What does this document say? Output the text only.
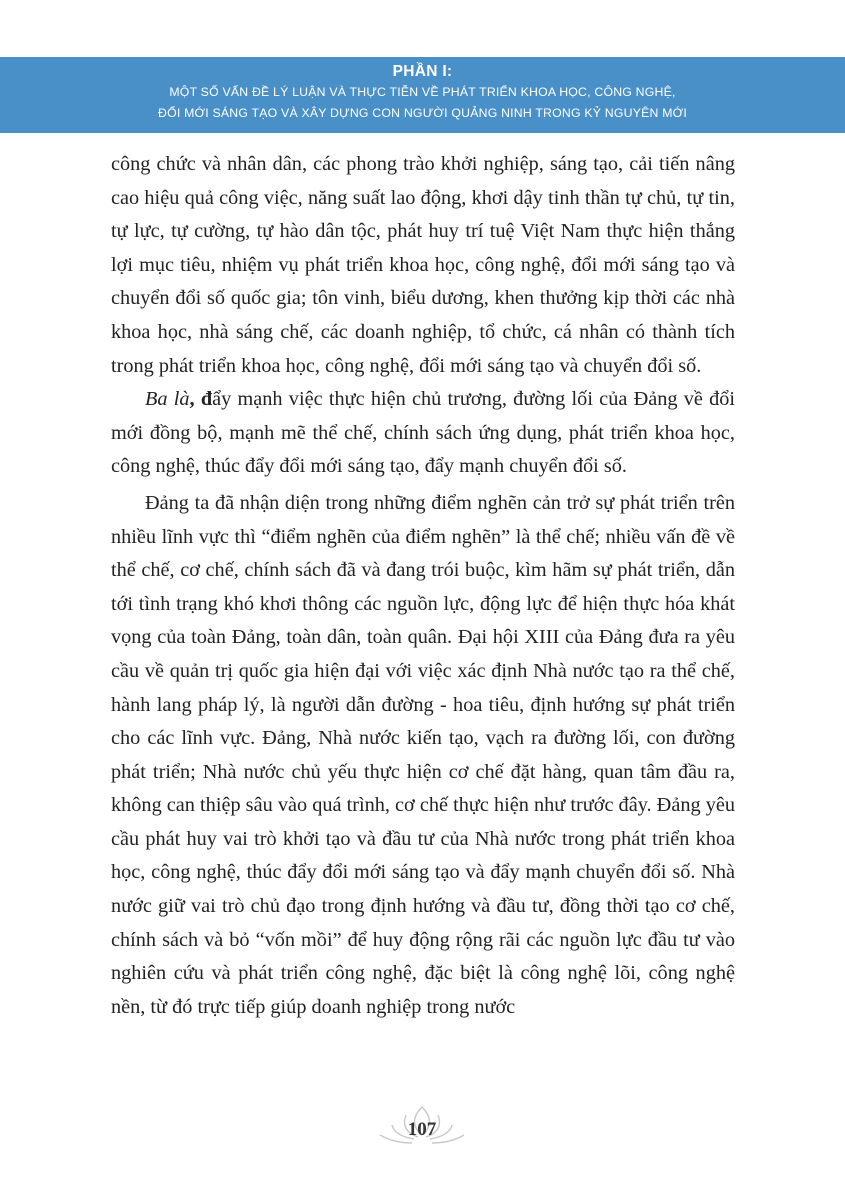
PHẦN I:
MỘT SỐ VẤN ĐỀ LÝ LUẬN VÀ THỰC TIỄN VỀ PHÁT TRIỂN KHOA HỌC, CÔNG NGHỆ,
ĐỔI MỚI SÁNG TẠO VÀ XÂY DỰNG CON NGƯỜI QUẢNG NINH TRONG KỶ NGUYÊN MỚI

công chức và nhân dân, các phong trào khởi nghiệp, sáng tạo, cải tiến nâng cao hiệu quả công việc, năng suất lao động, khơi dậy tinh thần tự chủ, tự tin, tự lực, tự cường, tự hào dân tộc, phát huy trí tuệ Việt Nam thực hiện thắng lợi mục tiêu, nhiệm vụ phát triển khoa học, công nghệ, đổi mới sáng tạo và chuyển đổi số quốc gia; tôn vinh, biểu dương, khen thưởng kịp thời các nhà khoa học, nhà sáng chế, các doanh nghiệp, tổ chức, cá nhân có thành tích trong phát triển khoa học, công nghệ, đổi mới sáng tạo và chuyển đổi số.

Ba là, đẩy mạnh việc thực hiện chủ trương, đường lối của Đảng về đổi mới đồng bộ, mạnh mẽ thể chế, chính sách ứng dụng, phát triển khoa học, công nghệ, thúc đẩy đổi mới sáng tạo, đẩy mạnh chuyển đổi số.

Đảng ta đã nhận diện trong những điểm nghẽn cản trở sự phát triển trên nhiều lĩnh vực thì “điểm nghẽn của điểm nghẽn” là thể chế; nhiều vấn đề về thể chế, cơ chế, chính sách đã và đang trói buộc, kìm hãm sự phát triển, dẫn tới tình trạng khó khơi thông các nguồn lực, động lực để hiện thực hóa khát vọng của toàn Đảng, toàn dân, toàn quân. Đại hội XIII của Đảng đưa ra yêu cầu về quản trị quốc gia hiện đại với việc xác định Nhà nước tạo ra thể chế, hành lang pháp lý, là người dẫn đường - hoa tiêu, định hướng sự phát triển cho các lĩnh vực. Đảng, Nhà nước kiến tạo, vạch ra đường lối, con đường phát triển; Nhà nước chủ yếu thực hiện cơ chế đặt hàng, quan tâm đầu ra, không can thiệp sâu vào quá trình, cơ chế thực hiện như trước đây. Đảng yêu cầu phát huy vai trò khởi tạo và đầu tư của Nhà nước trong phát triển khoa học, công nghệ, thúc đẩy đổi mới sáng tạo và đẩy mạnh chuyển đổi số. Nhà nước giữ vai trò chủ đạo trong định hướng và đầu tư, đồng thời tạo cơ chế, chính sách và bỏ “vốn mồi” để huy động rộng rãi các nguồn lực đầu tư vào nghiên cứu và phát triển công nghệ, đặc biệt là công nghệ lõi, công nghệ nền, từ đó trực tiếp giúp doanh nghiệp trong nước

107
